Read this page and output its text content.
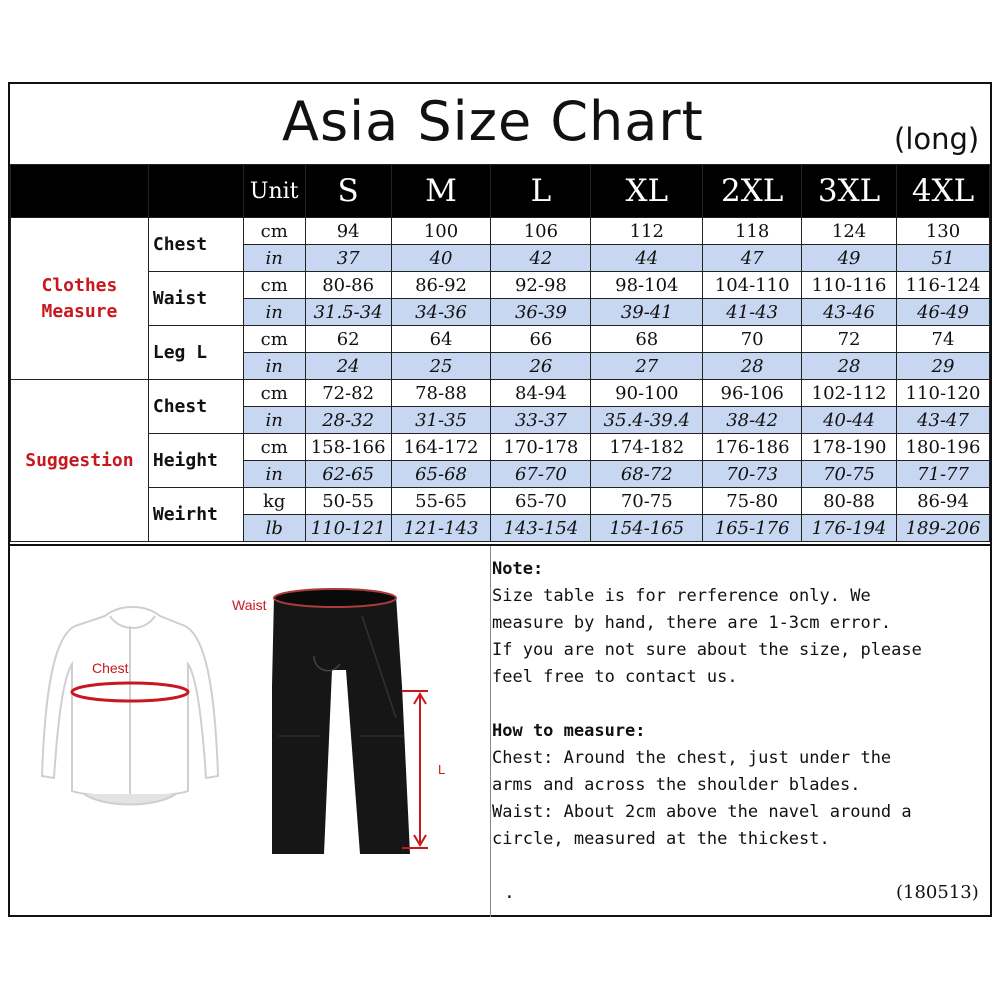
Asia Size Chart	(long)
		Unit	S	M	L	XL	2XL	3XL	4XL
Clothes
Measure	Chest	cm	94	100	106	112	118	124	130
		in	37	40	42	44	47	49	51
	Waist	cm	80-86	86-92	92-98	98-104	104-110	110-116	116-124
		in	31.5-34	34-36	36-39	39-41	41-43	43-46	46-49
	Leg L	cm	62	64	66	68	70	72	74
		in	24	25	26	27	28	28	29
Suggestion	Chest	cm	72-82	78-88	84-94	90-100	96-106	102-112	110-120
		in	28-32	31-35	33-37	35.4-39.4	38-42	40-44	43-47
	Height	cm	158-166	164-172	170-178	174-182	176-186	178-190	180-196
		in	62-65	65-68	67-70	68-72	70-73	70-75	71-77
	Weirht	kg	50-55	55-65	65-70	70-75	75-80	80-88	86-94
		lb	110-121	121-143	143-154	154-165	165-176	176-194	189-206
Chest
Waist
L
Note:
Size table is for rerference only. We
measure by hand, there are 1-3cm error.
If you are not sure about the size, please
feel free to contact us.
How to measure:
Chest: Around the chest, just under the
arms and across the shoulder blades.
Waist: About 2cm above the navel around a
circle, measured at the thickest.
.	(180513)
